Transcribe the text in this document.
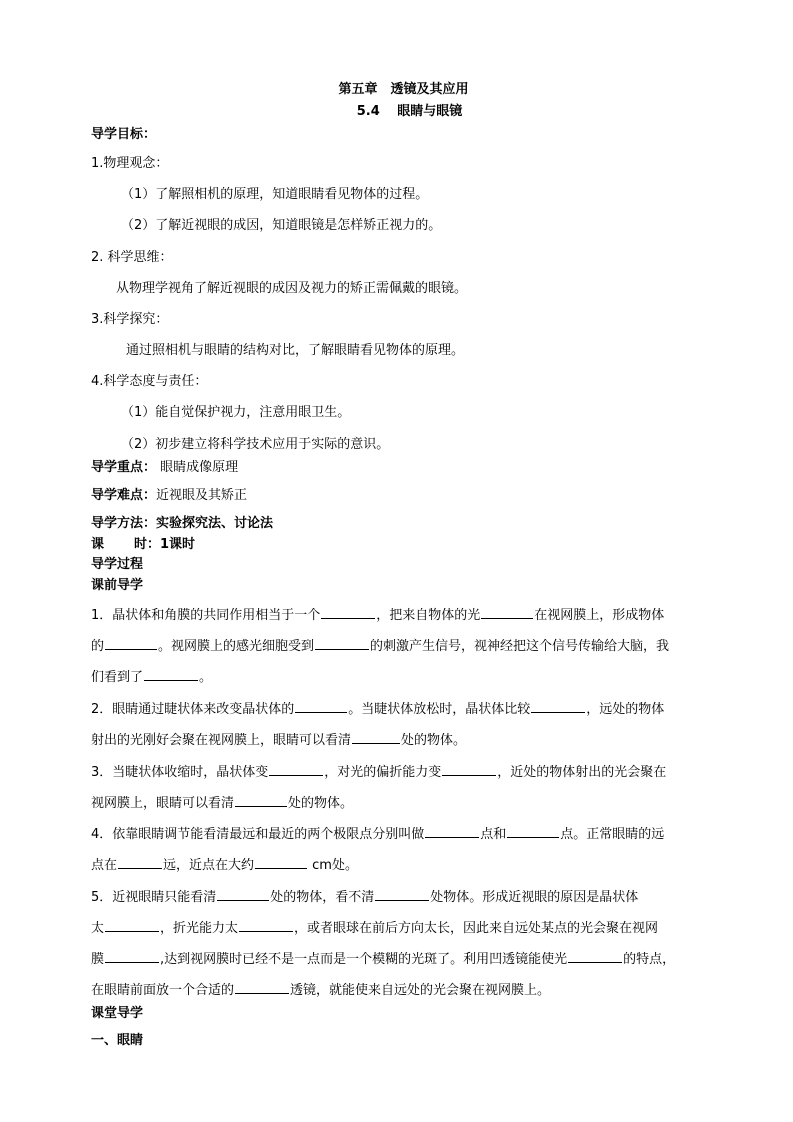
第五章　透镜及其应用
5.4　 眼睛与眼镜
导学目标：
1.物理观念：
（1）了解照相机的原理，知道眼睛看见物体的过程。
（2）了解近视眼的成因，知道眼镜是怎样矫正视力的。
2. 科学思维：
从物理学视角了解近视眼的成因及视力的矫正需佩戴的眼镜。
3.科学探究：
通过照相机与眼睛的结构对比，了解眼睛看见物体的原理。
4.科学态度与责任：
（1）能自觉保护视力，注意用眼卫生。
（2）初步建立将科学技术应用于实际的意识。
导学重点： 眼睛成像原理
导学难点：近视眼及其矫正
导学方法：实验探究法、讨论法
课 时：1课时
导学过程
课前导学
1．晶状体和角膜的共同作用相当于一个	，把来自物体的光	在视网膜上，形成物体
的	。视网膜上的感光细胞受到	的刺激产生信号，视神经把这个信号传输给大脑，我
们看到了	。
2．眼睛通过睫状体来改变晶状体的	。当睫状体放松时，晶状体比较	，远处的物体
射出的光刚好会聚在视网膜上，眼睛可以看清	处的物体。
3．当睫状体收缩时，晶状体变	，对光的偏折能力变	，近处的物体射出的光会聚在
视网膜上，眼睛可以看清	处的物体。
4．依靠眼睛调节能看清最远和最近的两个极限点分别叫做	点和	点。正常眼睛的远
点在	远，近点在大约	cm处。
5．近视眼睛只能看清	处的物体，看不清	处物体。形成近视眼的原因是晶状体
太	，折光能力太	，或者眼球在前后方向太长，因此来自远处某点的光会聚在视网
膜	,达到视网膜时已经不是一点而是一个模糊的光斑了。利用凹透镜能使光	的特点，
在眼睛前面放一个合适的	透镜，就能使来自远处的光会聚在视网膜上。
课堂导学
一、眼睛
